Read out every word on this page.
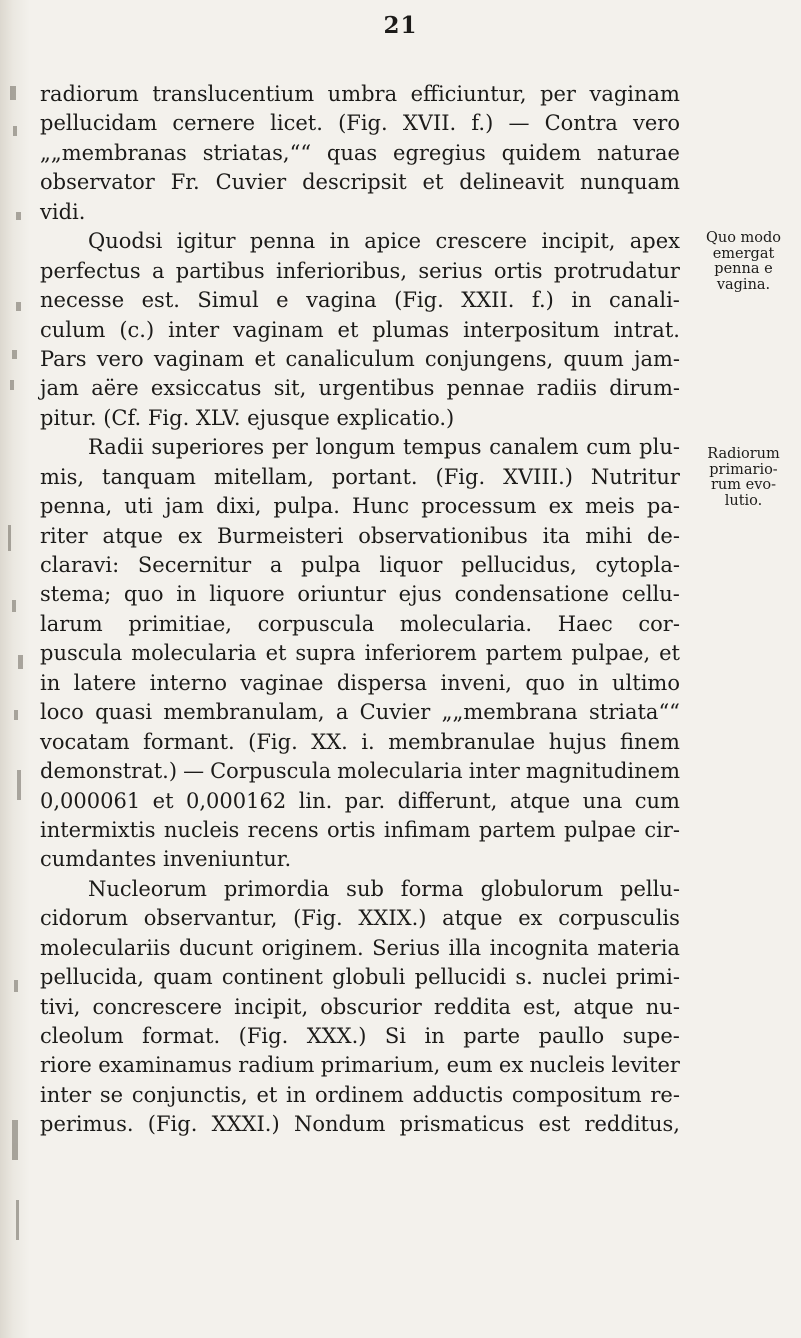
21
radiorum translucentium umbra efficiuntur, per vaginam
pellucidam cernere licet. (Fig. XVII. f.) — Contra vero
„„membranas striatas,““ quas egregius quidem naturae
observator Fr. Cuvier descripsit et delineavit nunquam
vidi.
Quodsi igitur penna in apice crescere incipit, apex
perfectus a partibus inferioribus, serius ortis protrudatur
necesse est. Simul e vagina (Fig. XXII. f.) in canali-
culum (c.) inter vaginam et plumas interpositum intrat.
Pars vero vaginam et canaliculum conjungens, quum jam-
jam aëre exsiccatus sit, urgentibus pennae radiis dirum-
pitur. (Cf. Fig. XLV. ejusque explicatio.)
Radii superiores per longum tempus canalem cum plu-
mis, tanquam mitellam, portant. (Fig. XVIII.) Nutritur
penna, uti jam dixi, pulpa. Hunc processum ex meis pa-
riter atque ex Burmeisteri observationibus ita mihi de-
claravi: Secernitur a pulpa liquor pellucidus, cytopla-
stema; quo in liquore oriuntur ejus condensatione cellu-
larum primitiae, corpuscula molecularia. Haec cor-
puscula molecularia et supra inferiorem partem pulpae, et
in latere interno vaginae dispersa inveni, quo in ultimo
loco quasi membranulam, a Cuvier „„membrana striata““
vocatam formant. (Fig. XX. i. membranulae hujus finem
demonstrat.) — Corpuscula molecularia inter magnitudinem
0,000061 et 0,000162 lin. par. differunt, atque una cum
intermixtis nucleis recens ortis infimam partem pulpae cir-
cumdantes inveniuntur.
Nucleorum primordia sub forma globulorum pellu-
cidorum observantur, (Fig. XXIX.) atque ex corpusculis
moleculariis ducunt originem. Serius illa incognita materia
pellucida, quam continent globuli pellucidi s. nuclei primi-
tivi, concrescere incipit, obscurior reddita est, atque nu-
cleolum format. (Fig. XXX.) Si in parte paullo supe-
riore examinamus radium primarium, eum ex nucleis leviter
inter se conjunctis, et in ordinem adductis compositum re-
perimus. (Fig. XXXI.) Nondum prismaticus est redditus,
Quo modo
emergat
penna e
vagina.
Radiorum
primario-
rum evo-
lutio.
